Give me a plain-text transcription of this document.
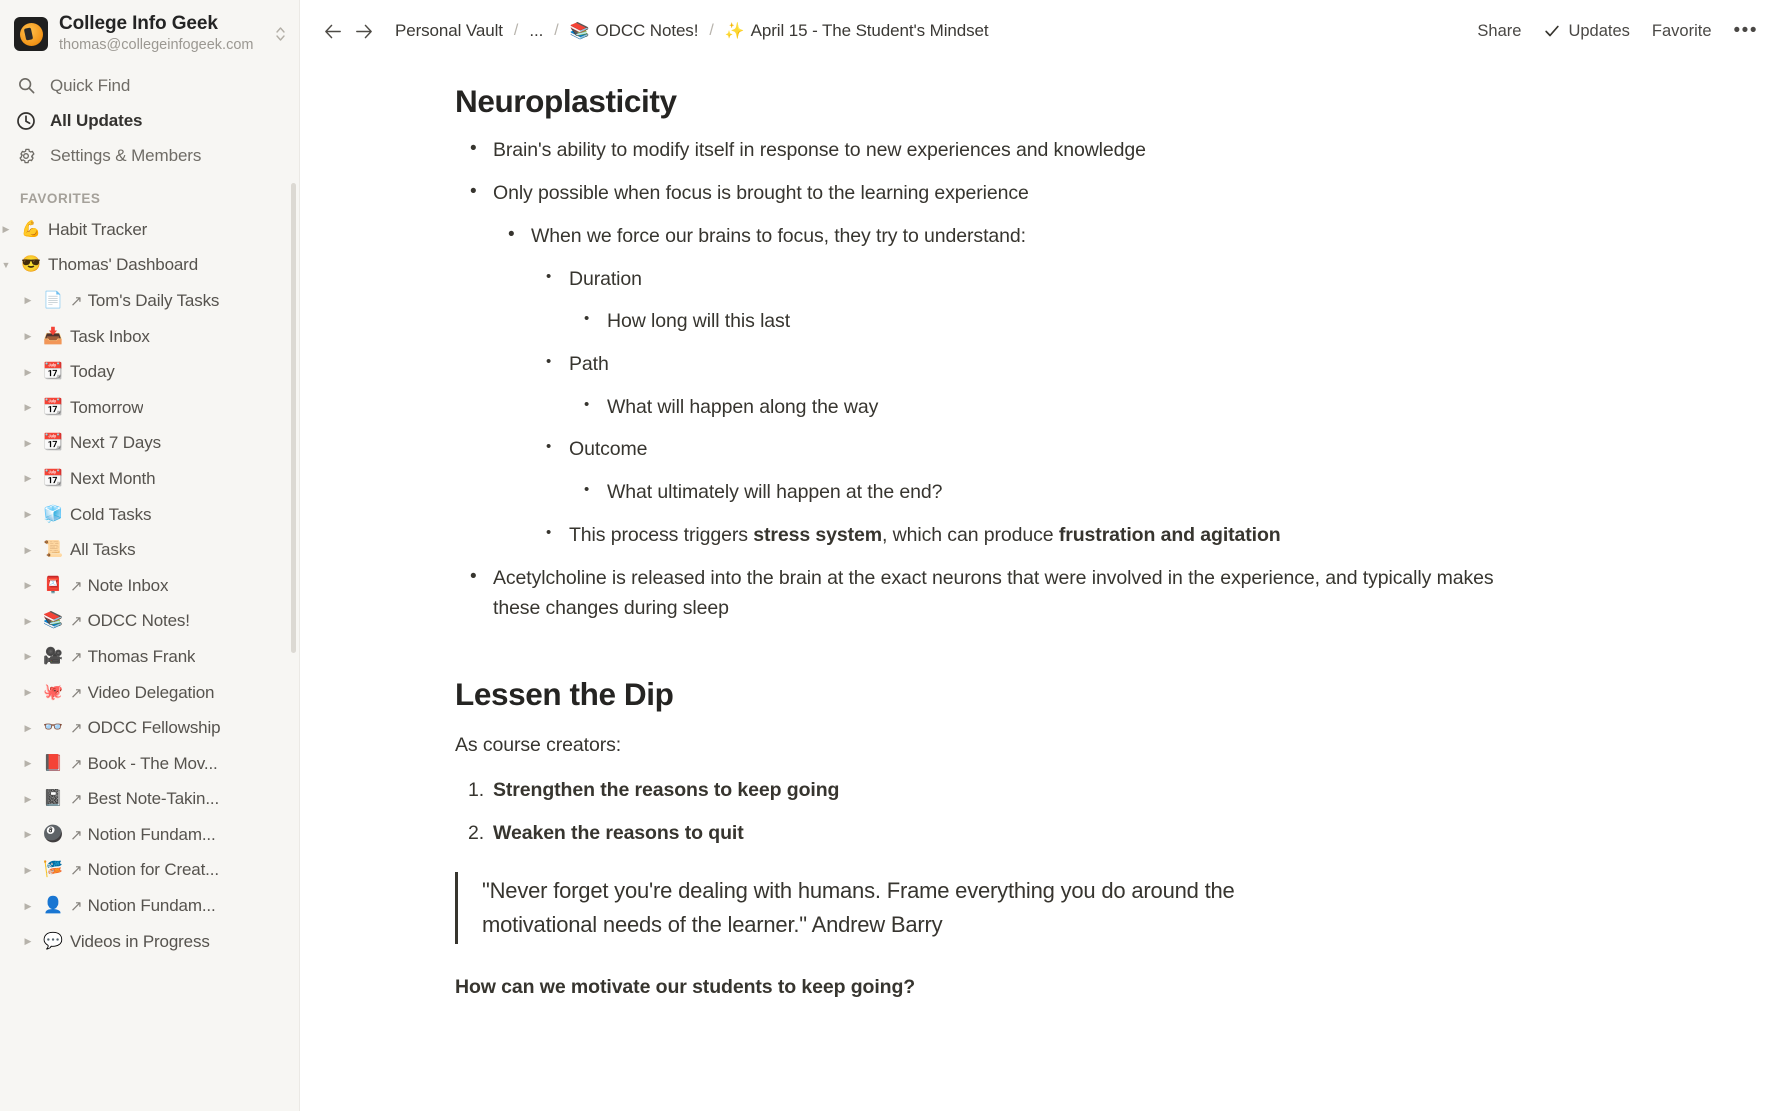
College Info Geek
thomas@collegeinfogeek.com
Quick Find
All Updates
Settings & Members
FAVORITES
▶ 💪 Habit Tracker
▼ 😎 Thomas' Dashboard
▶ 📄 ↗ Tom's Daily Tasks
▶ 📥 Task Inbox
▶ 📆 Today
▶ 📆 Tomorrow
▶ 📆 Next 7 Days
▶ 📆 Next Month
▶ 🧊 Cold Tasks
▶ 📜 All Tasks
▶ 📮 ↗ Note Inbox
▶ 📚 ↗ ODCC Notes!
▶ 🎥 ↗ Thomas Frank
▶ 🐙 ↗ Video Delegation
▶ 👓 ↗ ODCC Fellowship
▶ 📕 ↗ Book - The Mov...
▶ 📓 ↗ Best Note-Takin...
▶ 🎱 ↗ Notion Fundam...
▶ 🎏 ↗ Notion for Creat...
▶ 👤 ↗ Notion Fundam...
▶ 💬 Videos in Progress
Personal Vault / ... / 📚 ODCC Notes! / ✨ April 15 - The Student's Mindset	Share	Updates Favorite •••
Neuroplasticity
• Brain's ability to modify itself in response to new experiences and knowledge
• Only possible when focus is brought to the learning experience
• When we force our brains to focus, they try to understand:
• Duration
• How long will this last
• Path
• What will happen along the way
• Outcome
• What ultimately will happen at the end?
• This process triggers stress system, which can produce frustration and agitation
• Acetylcholine is released into the brain at the exact neurons that were involved in the experience, and typically makes these changes during sleep
Lessen the Dip

As course creators:

1. Strengthen the reasons to keep going
2. Weaken the reasons to quit
"Never forget you're dealing with humans. Frame everything you do around the motivational needs of the learner." Andrew Barry

How can we motivate our students to keep going?
